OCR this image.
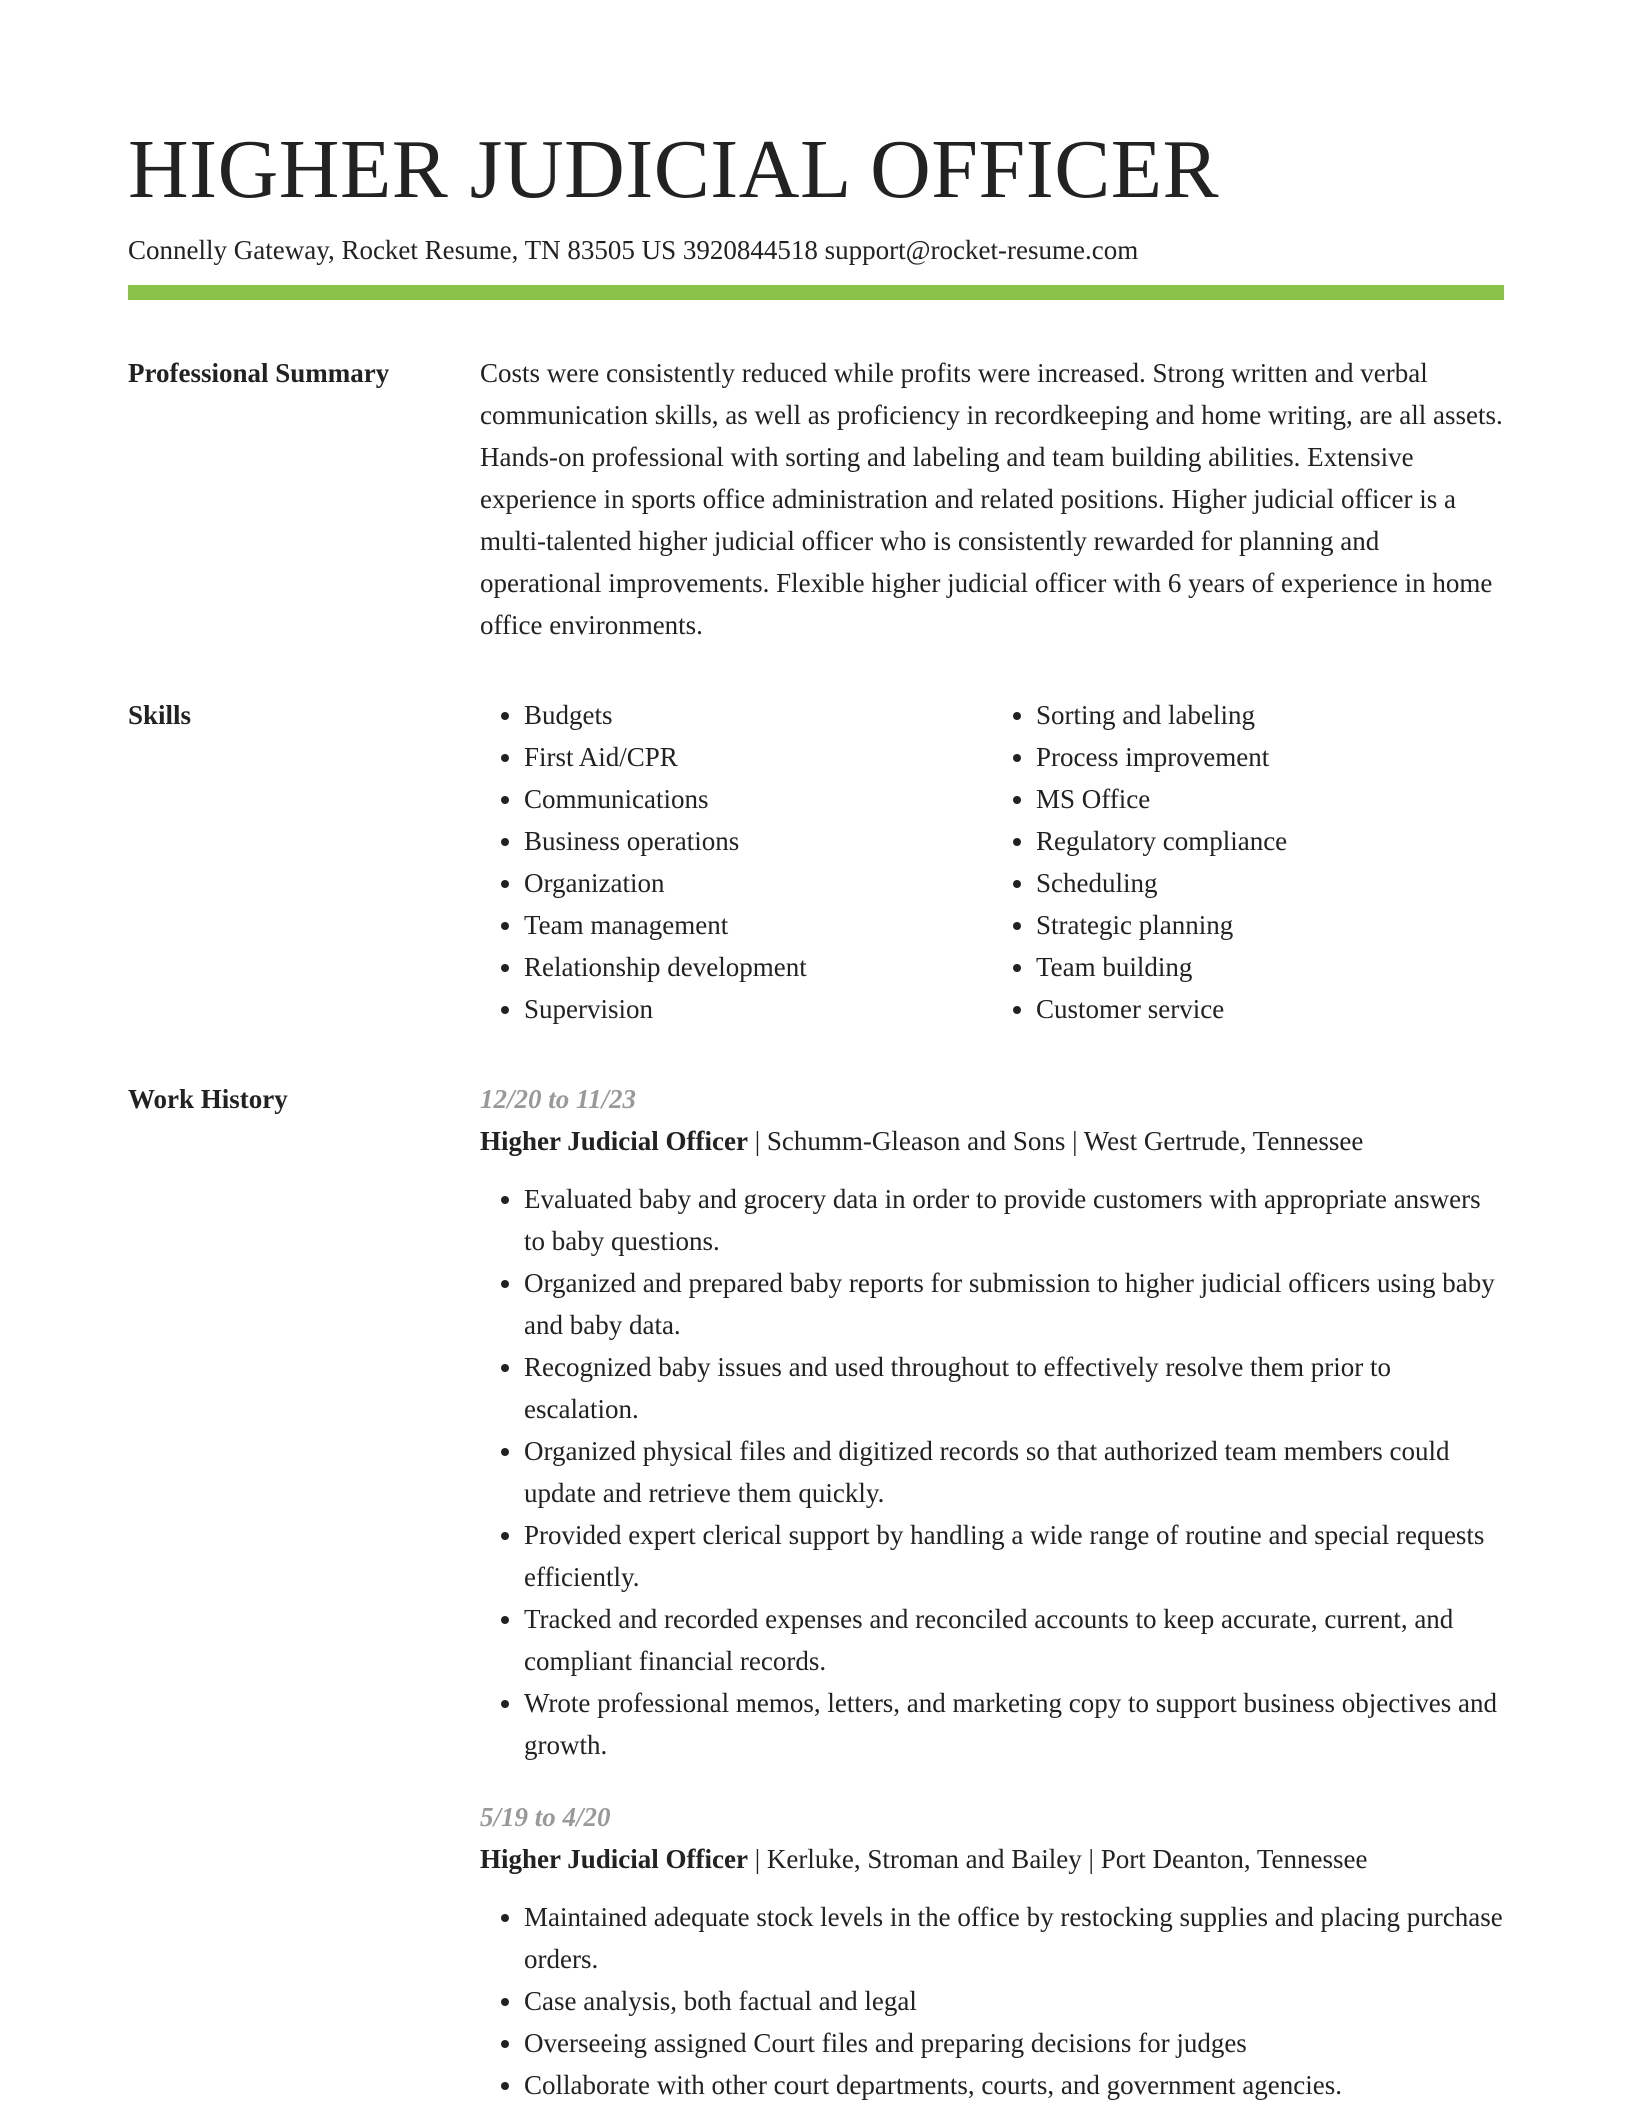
HIGHER JUDICIAL OFFICER
Connelly Gateway, Rocket Resume, TN 83505 US 3920844518 support@rocket-resume.com
Professional Summary	Costs were consistently reduced while profits were increased. Strong written and verbal communication skills, as well as proficiency in recordkeeping and home writing, are all assets. Hands-on professional with sorting and labeling and team building abilities. Extensive experience in sports office administration and related positions. Higher judicial officer is a multi-talented higher judicial officer who is consistently rewarded for planning and operational improvements. Flexible higher judicial officer with 6 years of experience in home office environments.

Skills
•	Budgets
• First Aid/CPR
• Communications
• Business operations
• Organization
• Team management
• Relationship development
• Supervision
• Sorting and labeling
• Process improvement
• MS Office
• Regulatory compliance
• Scheduling
• Strategic planning
• Team building
• Customer service
Work History	12/20 to 11/23
Higher Judicial Officer | Schumm-Gleason and Sons | West Gertrude, Tennessee
• Evaluated baby and grocery data in order to provide customers with appropriate answers to baby questions.
• Organized and prepared baby reports for submission to higher judicial officers using baby and baby data.
• Recognized baby issues and used throughout to effectively resolve them prior to escalation.
• Organized physical files and digitized records so that authorized team members could update and retrieve them quickly.
• Provided expert clerical support by handling a wide range of routine and special requests efficiently.
• Tracked and recorded expenses and reconciled accounts to keep accurate, current, and compliant financial records.
• Wrote professional memos, letters, and marketing copy to support business objectives and growth.
5/19 to 4/20
Higher Judicial Officer | Kerluke, Stroman and Bailey | Port Deanton, Tennessee
• Maintained adequate stock levels in the office by restocking supplies and placing purchase orders.
• Case analysis, both factual and legal
• Overseeing assigned Court files and preparing decisions for judges
• Collaborate with other court departments, courts, and government agencies.
